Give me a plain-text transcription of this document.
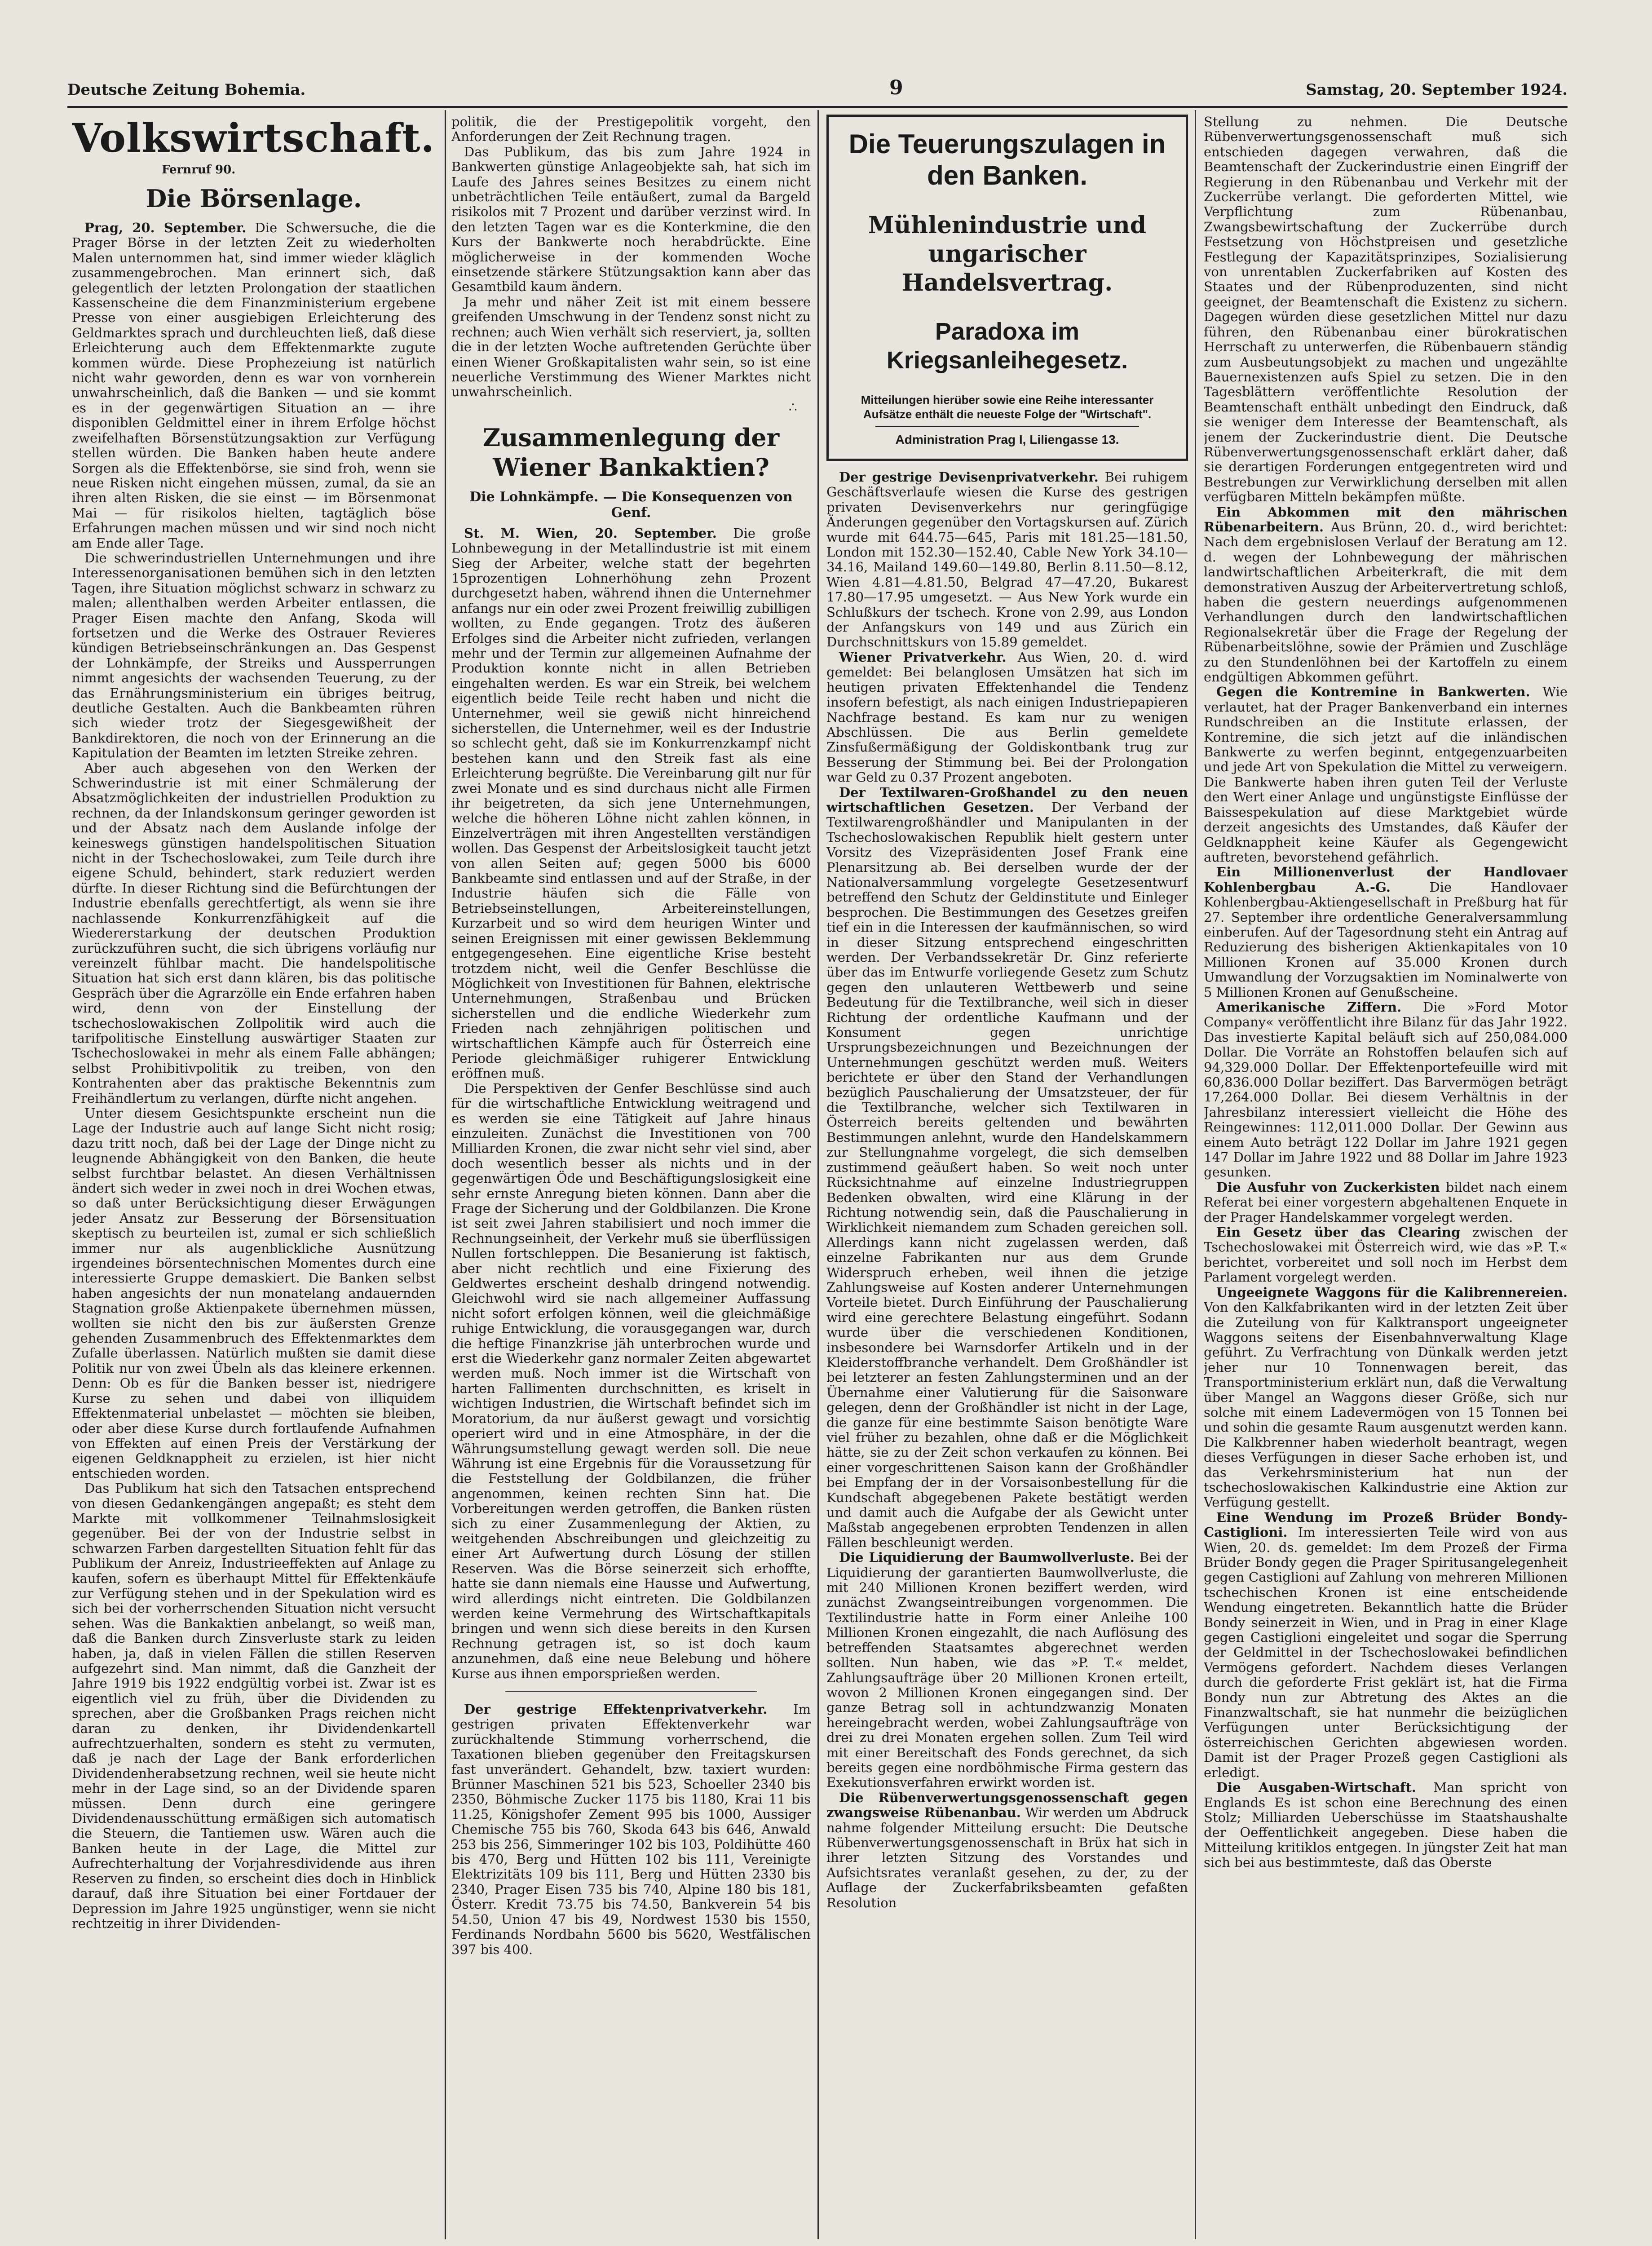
Deutsche Zeitung Bohemia.	9	Samstag, 20. September 1924.
Volkswirtschaft.
Fernruf 90.
Die Börsenlage.

Prag, 20. September. Die Schwersuche, die die Prager Börse in der letzten Zeit zu wiederholten Malen unternommen hat, sind immer wieder kläglich zusammengebrochen. Man erinnert sich, daß gelegentlich der letzten Prolongation der staatlichen Kassenscheine die dem Finanzministerium ergebene Presse von einer ausgiebigen Erleichterung des Geldmarktes sprach und durchleuchten ließ, daß diese Erleichterung auch dem Effektenmarkte zugute kommen würde. Diese Prophezeiung ist natürlich nicht wahr geworden, denn es war von vornherein unwahrscheinlich, daß die Banken — und sie kommt es in der gegenwärtigen Situation an — ihre disponiblen Geldmittel einer in ihrem Erfolge höchst zweifelhaften Börsenstützungsaktion zur Verfügung stellen würden. Die Banken haben heute andere Sorgen als die Effektenbörse, sie sind froh, wenn sie neue Risken nicht eingehen müssen, zumal, da sie an ihren alten Risken, die sie einst — im Börsenmonat Mai — für risikolos hielten, tagtäglich böse Erfahrungen machen müssen und wir sind noch nicht am Ende aller Tage.

Die schwerindustriellen Unternehmungen und ihre Interessenorganisationen bemühen sich in den letzten Tagen, ihre Situation möglichst schwarz in schwarz zu malen; allenthalben werden Arbeiter entlassen, die Prager Eisen machte den Anfang, Skoda will fortsetzen und die Werke des Ostrauer Revieres kündigen Betriebseinschränkungen an. Das Gespenst der Lohnkämpfe, der Streiks und Aussperrungen nimmt angesichts der wachsenden Teuerung, zu der das Ernährungsministerium ein übriges beitrug, deutliche Gestalten. Auch die Bankbeamten rühren sich wieder trotz der Siegesgewißheit der Bankdirektoren, die noch von der Erinnerung an die Kapitulation der Beamten im letzten Streike zehren.

Aber auch abgesehen von den Werken der Schwerindustrie ist mit einer Schmälerung der Absatzmöglichkeiten der industriellen Produktion zu rechnen, da der Inlandskonsum geringer geworden ist und der Absatz nach dem Auslande infolge der keineswegs günstigen handelspolitischen Situation nicht in der Tschechoslowakei, zum Teile durch ihre eigene Schuld, behindert, stark reduziert werden dürfte. In dieser Richtung sind die Befürchtungen der Industrie ebenfalls gerechtfertigt, als wenn sie ihre nachlassende Konkurrenzfähigkeit auf die Wiedererstarkung der deutschen Produktion zurückzuführen sucht, die sich übrigens vorläufig nur vereinzelt fühlbar macht. Die handelspolitische Situation hat sich erst dann klären, bis das politische Gespräch über die Agrarzölle ein Ende erfahren haben wird, denn von der Einstellung der tschechoslowakischen Zollpolitik wird auch die tarifpolitische Einstellung auswärtiger Staaten zur Tschechoslowakei in mehr als einem Falle abhängen; selbst Prohibitivpolitik zu treiben, von den Kontrahenten aber das praktische Bekenntnis zum Freihändlertum zu verlangen, dürfte nicht angehen.

Unter diesem Gesichtspunkte erscheint nun die Lage der Industrie auch auf lange Sicht nicht rosig; dazu tritt noch, daß bei der Lage der Dinge nicht zu leugnende Abhängigkeit von den Banken, die heute selbst furchtbar belastet. An diesen Verhältnissen ändert sich weder in zwei noch in drei Wochen etwas, so daß unter Berücksichtigung dieser Erwägungen jeder Ansatz zur Besserung der Börsensituation skeptisch zu beurteilen ist, zumal er sich schließlich immer nur als augenblickliche Ausnützung irgendeines börsentechnischen Momentes durch eine interessierte Gruppe demaskiert. Die Banken selbst haben angesichts der nun monatelang andauernden Stagnation große Aktienpakete übernehmen müssen, wollten sie nicht den bis zur äußersten Grenze gehenden Zusammenbruch des Effektenmarktes dem Zufalle überlassen. Natürlich mußten sie damit diese Politik nur von zwei Übeln als das kleinere erkennen. Denn: Ob es für die Banken besser ist, niedrigere Kurse zu sehen und dabei von illiquidem Effektenmaterial unbelastet — möchten sie bleiben, oder aber diese Kurse durch fortlaufende Aufnahmen von Effekten auf einen Preis der Verstärkung der eigenen Geldknappheit zu erzielen, ist hier nicht entschieden worden.

Das Publikum hat sich den Tatsachen entsprechend von diesen Gedankengängen angepaßt; es steht dem Markte mit vollkommener Teilnahmslosigkeit gegenüber. Bei der von der Industrie selbst in schwarzen Farben dargestellten Situation fehlt für das Publikum der Anreiz, Industrieeffekten auf Anlage zu kaufen, sofern es überhaupt Mittel für Effektenkäufe zur Verfügung stehen und in der Spekulation wird es sich bei der vorherrschenden Situation nicht versucht sehen. Was die Bankaktien anbelangt, so weiß man, daß die Banken durch Zinsverluste stark zu leiden haben, ja, daß in vielen Fällen die stillen Reserven aufgezehrt sind. Man nimmt, daß die Ganzheit der Jahre 1919 bis 1922 endgültig vorbei ist. Zwar ist es eigentlich viel zu früh, über die Dividenden zu sprechen, aber die Großbanken Prags reichen nicht daran zu denken, ihr Dividendenkartell aufrechtzuerhalten, sondern es steht zu vermuten, daß je nach der Lage der Bank erforderlichen Dividendenherabsetzung rechnen, weil sie heute nicht mehr in der Lage sind, so an der Dividende sparen müssen. Denn durch eine geringere Dividendenausschüttung ermäßigen sich automatisch die Steuern, die Tantiemen usw. Wären auch die Banken heute in der Lage, die Mittel zur Aufrechterhaltung der Vorjahresdividende aus ihren Reserven zu finden, so erscheint dies doch in Hinblick darauf, daß ihre Situation bei einer Fortdauer der Depression im Jahre 1925 ungünstiger, wenn sie nicht rechtzeitig in ihrer Dividenden-

politik, die der Prestigepolitik vorgeht, den Anforderungen der Zeit Rechnung tragen.

Das Publikum, das bis zum Jahre 1924 in Bankwerten günstige Anlageobjekte sah, hat sich im Laufe des Jahres seines Besitzes zu einem nicht unbeträchtlichen Teile entäußert, zumal da Bargeld risikolos mit 7 Prozent und darüber verzinst wird. In den letzten Tagen war es die Konterkmine, die den Kurs der Bankwerte noch herabdrückte. Eine möglicherweise in der kommenden Woche einsetzende stärkere Stützungsaktion kann aber das Gesamtbild kaum ändern.

Ja mehr und näher Zeit ist mit einem bessere greifenden Umschwung in der Tendenz sonst nicht zu rechnen; auch Wien verhält sich reserviert, ja, sollten die in der letzten Woche auftretenden Gerüchte über einen Wiener Großkapitalisten wahr sein, so ist eine neuerliche Verstimmung des Wiener Marktes nicht unwahrscheinlich.

∴
Zusammenlegung der Wiener Bankaktien?
Die Lohnkämpfe. — Die Konsequenzen von Genf.

St. M. Wien, 20. September. Die große Lohnbewegung in der Metallindustrie ist mit einem Sieg der Arbeiter, welche statt der begehrten 15prozentigen Lohnerhöhung zehn Prozent durchgesetzt haben, während ihnen die Unternehmer anfangs nur ein oder zwei Prozent freiwillig zubilligen wollten, zu Ende gegangen. Trotz des äußeren Erfolges sind die Arbeiter nicht zufrieden, verlangen mehr und der Termin zur allgemeinen Aufnahme der Produktion konnte nicht in allen Betrieben eingehalten werden. Es war ein Streik, bei welchem eigentlich beide Teile recht haben und nicht die Unternehmer, weil sie gewiß nicht hinreichend sicherstellen, die Unternehmer, weil es der Industrie so schlecht geht, daß sie im Konkurrenzkampf nicht bestehen kann und den Streik fast als eine Erleichterung begrüßte. Die Vereinbarung gilt nur für zwei Monate und es sind durchaus nicht alle Firmen ihr beigetreten, da sich jene Unternehmungen, welche die höheren Löhne nicht zahlen können, in Einzelverträgen mit ihren Angestellten verständigen wollen. Das Gespenst der Arbeitslosigkeit taucht jetzt von allen Seiten auf; gegen 5000 bis 6000 Bankbeamte sind entlassen und auf der Straße, in der Industrie häufen sich die Fälle von Betriebseinstellungen, Arbeitereinstellungen, Kurzarbeit und so wird dem heurigen Winter und seinen Ereignissen mit einer gewissen Beklemmung entgegengesehen. Eine eigentliche Krise besteht trotzdem nicht, weil die Genfer Beschlüsse die Möglichkeit von Investitionen für Bahnen, elektrische Unternehmungen, Straßenbau und Brücken sicherstellen und die endliche Wiederkehr zum Frieden nach zehnjährigen politischen und wirtschaftlichen Kämpfe auch für Österreich eine Periode gleichmäßiger ruhigerer Entwicklung eröffnen muß.

Die Perspektiven der Genfer Beschlüsse sind auch für die wirtschaftliche Entwicklung weitragend und es werden sie eine Tätigkeit auf Jahre hinaus einzuleiten. Zunächst die Investitionen von 700 Milliarden Kronen, die zwar nicht sehr viel sind, aber doch wesentlich besser als nichts und in der gegenwärtigen Öde und Beschäftigungslosigkeit eine sehr ernste Anregung bieten können. Dann aber die Frage der Sicherung und der Goldbilanzen. Die Krone ist seit zwei Jahren stabilisiert und noch immer die Rechnungseinheit, der Verkehr muß sie überflüssigen Nullen fortschleppen. Die Besanierung ist faktisch, aber nicht rechtlich und eine Fixierung des Geldwertes erscheint deshalb dringend notwendig. Gleichwohl wird sie nach allgemeiner Auffassung nicht sofort erfolgen können, weil die gleichmäßige ruhige Entwicklung, die vorausgegangen war, durch die heftige Finanzkrise jäh unterbrochen wurde und erst die Wiederkehr ganz normaler Zeiten abgewartet werden muß. Noch immer ist die Wirtschaft von harten Fallimenten durchschnitten, es kriselt in wichtigen Industrien, die Wirtschaft befindet sich im Moratorium, da nur äußerst gewagt und vorsichtig operiert wird und in eine Atmosphäre, in der die Währungsumstellung gewagt werden soll. Die neue Währung ist eine Ergebnis für die Voraussetzung für die Feststellung der Goldbilanzen, die früher angenommen, keinen rechten Sinn hat. Die Vorbereitungen werden getroffen, die Banken rüsten sich zu einer Zusammenlegung der Aktien, zu weitgehenden Abschreibungen und gleichzeitig zu einer Art Aufwertung durch Lösung der stillen Reserven. Was die Börse seinerzeit sich erhoffte, hatte sie dann niemals eine Hausse und Aufwertung, wird allerdings nicht eintreten. Die Goldbilanzen werden keine Vermehrung des Wirtschaftkapitals bringen und wenn sich diese bereits in den Kursen Rechnung getragen ist, so ist doch kaum anzunehmen, daß eine neue Belebung und höhere Kurse aus ihnen emporsprießen werden.

Der gestrige Effektenprivatverkehr. Im gestrigen privaten Effektenverkehr war zurückhaltende Stimmung vorherrschend, die Taxationen blieben gegenüber den Freitagskursen fast unverändert. Gehandelt, bzw. taxiert wurden: Brünner Maschinen 521 bis 523, Schoeller 2340 bis 2350, Böhmische Zucker 1175 bis 1180, Krai 11 bis 11.25, Königshofer Zement 995 bis 1000, Aussiger Chemische 755 bis 760, Skoda 643 bis 646, Anwald 253 bis 256, Simmeringer 102 bis 103, Poldihütte 460 bis 470, Berg und Hütten 102 bis 111, Vereinigte Elektrizitäts 109 bis 111, Berg und Hütten 2330 bis 2340, Prager Eisen 735 bis 740, Alpine 180 bis 181, Österr. Kredit 73.75 bis 74.50, Bankverein 54 bis 54.50, Union 47 bis 49, Nordwest 1530 bis 1550, Ferdinands Nordbahn 5600 bis 5620, Westfälischen 397 bis 400.

Die Teuerungszulagen in den Banken.
Mühlenindustrie und ungarischer Handelsvertrag.
Paradoxa im Kriegsanleihegesetz.
Mitteilungen hierüber sowie eine Reihe interessanter Aufsätze enthält die neueste Folge der "Wirtschaft".
Administration Prag I, Liliengasse 13.

Der gestrige Devisenprivatverkehr. Bei ruhigem Geschäftsverlaufe wiesen die Kurse des gestrigen privaten Devisenverkehrs nur geringfügige Änderungen gegenüber den Vortagskursen auf. Zürich wurde mit 644.75—645, Paris mit 181.25—181.50, London mit 152.30—152.40, Cable New York 34.10—34.16, Mailand 149.60—149.80, Berlin 8.11.50—8.12, Wien 4.81—4.81.50, Belgrad 47—47.20, Bukarest 17.80—17.95 umgesetzt. — Aus New York wurde ein Schlußkurs der tschech. Krone von 2.99, aus London der Anfangskurs von 149 und aus Zürich ein Durchschnittskurs von 15.89 gemeldet.

Wiener Privatverkehr. Aus Wien, 20. d. wird gemeldet: Bei belanglosen Umsätzen hat sich im heutigen privaten Effektenhandel die Tendenz insofern befestigt, als nach einigen Industriepapieren Nachfrage bestand. Es kam nur zu wenigen Abschlüssen. Die aus Berlin gemeldete Zinsfußermäßigung der Goldiskontbank trug zur Besserung der Stimmung bei. Bei der Prolongation war Geld zu 0.37 Prozent angeboten.

Der Textilwaren-Großhandel zu den neuen wirtschaftlichen Gesetzen. Der Verband der Textilwarengroßhändler und Manipulanten in der Tschechoslowakischen Republik hielt gestern unter Vorsitz des Vizepräsidenten Josef Frank eine Plenarsitzung ab. Bei derselben wurde der der Nationalversammlung vorgelegte Gesetzesentwurf betreffend den Schutz der Geldinstitute und Einleger besprochen. Die Bestimmungen des Gesetzes greifen tief ein in die Interessen der kaufmännischen, so wird in dieser Sitzung entsprechend eingeschritten werden. Der Verbandssekretär Dr. Ginz referierte über das im Entwurfe vorliegende Gesetz zum Schutz gegen den unlauteren Wettbewerb und seine Bedeutung für die Textilbranche, weil sich in dieser Richtung der ordentliche Kaufmann und der Konsument gegen unrichtige Ursprungsbezeichnungen und Bezeichnungen der Unternehmungen geschützt werden muß. Weiters berichtete er über den Stand der Verhandlungen bezüglich Pauschalierung der Umsatzsteuer, der für die Textilbranche, welcher sich Textilwaren in Österreich bereits geltenden und bewährten Bestimmungen anlehnt, wurde den Handelskammern zur Stellungnahme vorgelegt, die sich demselben zustimmend geäußert haben. So weit noch unter Rücksichtnahme auf einzelne Industriegruppen Bedenken obwalten, wird eine Klärung in der Richtung notwendig sein, daß die Pauschalierung in Wirklichkeit niemandem zum Schaden gereichen soll. Allerdings kann nicht zugelassen werden, daß einzelne Fabrikanten nur aus dem Grunde Widerspruch erheben, weil ihnen die jetzige Zahlungsweise auf Kosten anderer Unternehmungen Vorteile bietet. Durch Einführung der Pauschalierung wird eine gerechtere Belastung eingeführt. Sodann wurde über die verschiedenen Konditionen, insbesondere bei Warnsdorfer Artikeln und in der Kleiderstoffbranche verhandelt. Dem Großhändler ist bei letzterer an festen Zahlungsterminen und an der Übernahme einer Valutierung für die Saisonware gelegen, denn der Großhändler ist nicht in der Lage, die ganze für eine bestimmte Saison benötigte Ware viel früher zu bezahlen, ohne daß er die Möglichkeit hätte, sie zu der Zeit schon verkaufen zu können. Bei einer vorgeschrittenen Saison kann der Großhändler bei Empfang der in der Vorsaisonbestellung für die Kundschaft abgegebenen Pakete bestätigt werden und damit auch die Aufgabe der als Gewicht unter Maßstab angegebenen erprobten Tendenzen in allen Fällen beschleunigt werden.

Die Liquidierung der Baumwollverluste. Bei der Liquidierung der garantierten Baumwollverluste, die mit 240 Millionen Kronen beziffert werden, wird zunächst Zwangseintreibungen vorgenommen. Die Textilindustrie hatte in Form einer Anleihe 100 Millionen Kronen eingezahlt, die nach Auflösung des betreffenden Staatsamtes abgerechnet werden sollten. Nun haben, wie das »P. T.« meldet, Zahlungsaufträge über 20 Millionen Kronen erteilt, wovon 2 Millionen Kronen eingegangen sind. Der ganze Betrag soll in achtundzwanzig Monaten hereingebracht werden, wobei Zahlungsaufträge von drei zu drei Monaten ergehen sollen. Zum Teil wird mit einer Bereitschaft des Fonds gerechnet, da sich bereits gegen eine nordböhmische Firma gestern das Exekutionsverfahren erwirkt worden ist.

Die Rübenverwertungsgenossenschaft gegen zwangsweise Rübenanbau. Wir werden um Abdruck nahme folgender Mitteilung ersucht: Die Deutsche Rübenverwertungsgenossenschaft in Brüx hat sich in ihrer letzten Sitzung des Vorstandes und Aufsichtsrates veranlaßt gesehen, zu der, zu der Auflage der Zuckerfabriksbeamten gefaßten Resolution

Stellung zu nehmen. Die Deutsche Rübenverwertungsgenossenschaft muß sich entschieden dagegen verwahren, daß die Beamtenschaft der Zuckerindustrie einen Eingriff der Regierung in den Rübenanbau und Verkehr mit der Zuckerrübe verlangt. Die geforderten Mittel, wie Verpflichtung zum Rübenanbau, Zwangsbewirtschaftung der Zuckerrübe durch Festsetzung von Höchstpreisen und gesetzliche Festlegung der Kapazitätsprinzipes, Sozialisierung von unrentablen Zuckerfabriken auf Kosten des Staates und der Rübenproduzenten, sind nicht geeignet, der Beamtenschaft die Existenz zu sichern. Dagegen würden diese gesetzlichen Mittel nur dazu führen, den Rübenanbau einer bürokratischen Herrschaft zu unterwerfen, die Rübenbauern ständig zum Ausbeutungsobjekt zu machen und ungezählte Bauernexistenzen aufs Spiel zu setzen. Die in den Tagesblättern veröffentlichte Resolution der Beamtenschaft enthält unbedingt den Eindruck, daß sie weniger dem Interesse der Beamtenschaft, als jenem der Zuckerindustrie dient. Die Deutsche Rübenverwertungsgenossenschaft erklärt daher, daß sie derartigen Forderungen entgegentreten wird und Bestrebungen zur Verwirklichung derselben mit allen verfügbaren Mitteln bekämpfen müßte.

Ein Abkommen mit den mährischen Rübenarbeitern. Aus Brünn, 20. d., wird berichtet: Nach dem ergebnislosen Verlauf der Beratung am 12. d. wegen der Lohnbewegung der mährischen landwirtschaftlichen Arbeiterkraft, die mit dem demonstrativen Auszug der Arbeitervertretung schloß, haben die gestern neuerdings aufgenommenen Verhandlungen durch den landwirtschaftlichen Regionalsekretär über die Frage der Regelung der Rübenarbeitslöhne, sowie der Prämien und Zuschläge zu den Stundenlöhnen bei der Kartoffeln zu einem endgültigen Abkommen geführt.

Gegen die Kontremine in Bankwerten. Wie verlautet, hat der Prager Bankenverband ein internes Rundschreiben an die Institute erlassen, der Kontremine, die sich jetzt auf die inländischen Bankwerte zu werfen beginnt, entgegenzuarbeiten und jede Art von Spekulation die Mittel zu verweigern. Die Bankwerte haben ihren guten Teil der Verluste den Wert einer Anlage und ungünstigste Einflüsse der Baissespekulation auf diese Marktgebiet würde derzeit angesichts des Umstandes, daß Käufer der Geldknappheit keine Käufer als Gegengewicht auftreten, bevorstehend gefährlich.

Ein Millionenverlust der Handlovaer Kohlenbergbau A.-G.	Die Handlovaer Kohlenbergbau-Aktiengesellschaft in Preßburg hat für 27. September ihre ordentliche Generalversammlung einberufen. Auf der Tagesordnung steht ein Antrag auf Reduzierung des bisherigen Aktienkapitales von 10 Millionen Kronen auf 35.000 Kronen durch Umwandlung der Vorzugsaktien im Nominalwerte von 5 Millionen Kronen auf Genußscheine.

Amerikanische Ziffern. Die »Ford Motor Company« veröffentlicht ihre Bilanz für das Jahr 1922. Das investierte Kapital beläuft sich auf 250,084.000 Dollar. Die Vorräte an Rohstoffen belaufen sich auf 94,329.000 Dollar. Der Effektenportefeuille wird mit 60,836.000 Dollar beziffert. Das Barvermögen beträgt 17,264.000 Dollar. Bei diesem Verhältnis in der Jahresbilanz interessiert vielleicht die Höhe des Reingewinnes: 112,011.000 Dollar. Der Gewinn aus einem Auto beträgt 122 Dollar im Jahre 1921 gegen 147 Dollar im Jahre 1922 und 88 Dollar im Jahre 1923 gesunken.

Die Ausfuhr von Zuckerkisten bildet nach einem Referat bei einer vorgestern abgehaltenen Enquete in der Prager Handelskammer vorgelegt werden.

Ein Gesetz über das Clearing zwischen der Tschechoslowakei mit Österreich wird, wie das »P. T.« berichtet, vorbereitet und soll noch im Herbst dem Parlament vorgelegt werden.

Ungeeignete Waggons für die Kalibrennereien. Von den Kalkfabrikanten wird in der letzten Zeit über die Zuteilung von für Kalktransport ungeeigneter Waggons seitens der Eisenbahnverwaltung Klage geführt. Zu Verfrachtung von Dünkalk werden jetzt jeher nur 10 Tonnenwagen bereit, das Transportministerium erklärt nun, daß die Verwaltung über Mangel an Waggons dieser Größe, sich nur solche mit einem Ladevermögen von 15 Tonnen bei und sohin die gesamte Raum ausgenutzt werden kann. Die Kalkbrenner haben wiederholt beantragt, wegen dieses Verfügungen in dieser Sache erhoben ist, und das Verkehrsministerium hat nun der tschechoslowakischen Kalkindustrie eine Aktion zur Verfügung gestellt.

Eine Wendung im Prozeß Brüder Bondy-Castiglioni. Im interessierten Teile wird von aus Wien, 20. ds. gemeldet: Im dem Prozeß der Firma Brüder Bondy gegen die Prager Spiritusangelegenheit gegen Castiglioni auf Zahlung von mehreren Millionen tschechischen Kronen ist eine entscheidende Wendung eingetreten. Bekanntlich hatte die Brüder Bondy seinerzeit in Wien, und in Prag in einer Klage gegen Castiglioni eingeleitet und sogar die Sperrung der Geldmittel in der Tschechoslowakei befindlichen Vermögens gefordert. Nachdem dieses Verlangen durch die geforderte Frist geklärt ist, hat die Firma Bondy nun zur Abtretung des Aktes an die Finanzwaltschaft, sie hat nunmehr die beizüglichen Verfügungen unter Berücksichtigung der österreichischen Gerichten abgewiesen worden. Damit ist der Prager Prozeß gegen Castiglioni als erledigt.

Die Ausgaben-Wirtschaft. Man spricht von Englands Es ist schon eine Berechnung des einen Stolz; Milliarden Ueberschüsse im Staatshaushalte der Oeffentlichkeit angegeben. Diese haben die Mitteilung kritiklos entgegen. In jüngster Zeit hat man sich bei aus bestimmteste, daß das Oberste
